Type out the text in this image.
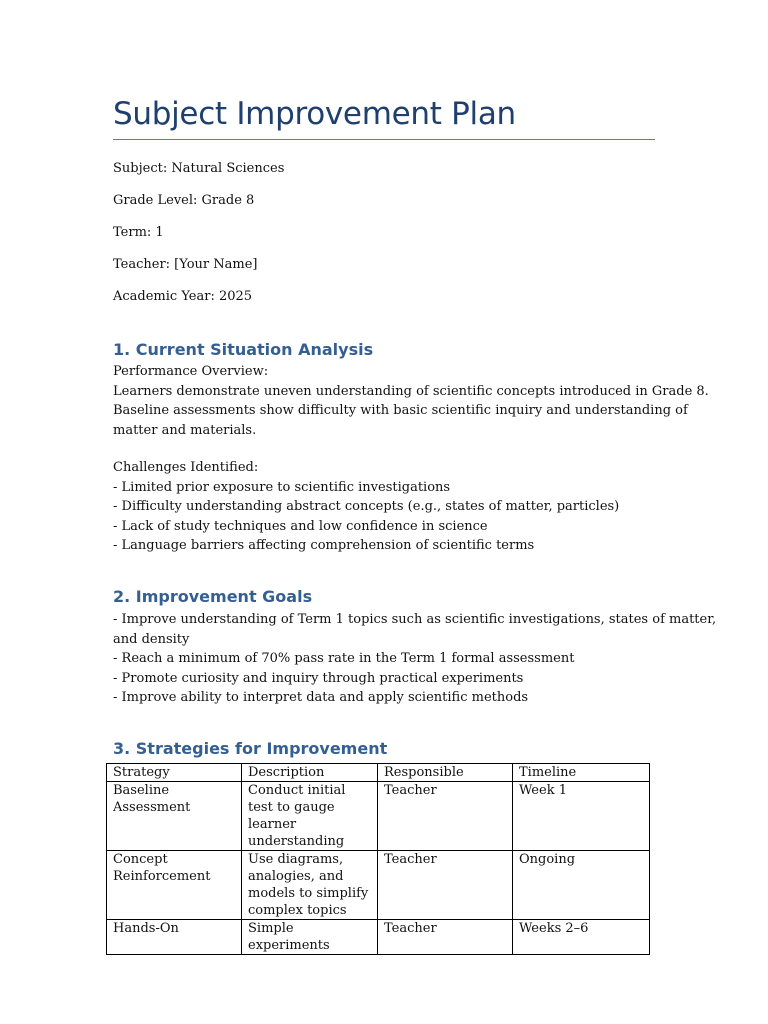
Subject Improvement Plan
Subject: Natural Sciences
Grade Level: Grade 8
Term: 1
Teacher: [Your Name]
Academic Year: 2025
1. Current Situation Analysis
Performance Overview:
Learners demonstrate uneven understanding of scientific concepts introduced in Grade 8.
Baseline assessments show difficulty with basic scientific inquiry and understanding of
matter and materials.
Challenges Identified:
- Limited prior exposure to scientific investigations
- Difficulty understanding abstract concepts (e.g., states of matter, particles)
- Lack of study techniques and low confidence in science
- Language barriers affecting comprehension of scientific terms
2. Improvement Goals
- Improve understanding of Term 1 topics such as scientific investigations, states of matter,
and density
- Reach a minimum of 70% pass rate in the Term 1 formal assessment
- Promote curiosity and inquiry through practical experiments
- Improve ability to interpret data and apply scientific methods
3. Strategies for Improvement
Strategy	Description	Responsible	Timeline
Baseline Assessment	Conduct initial test to gauge learner understanding	Teacher	Week 1
Concept Reinforcement	Use diagrams, analogies, and models to simplify complex topics	Teacher	Ongoing
Hands-On	Simple experiments	Teacher	Weeks 2–6
